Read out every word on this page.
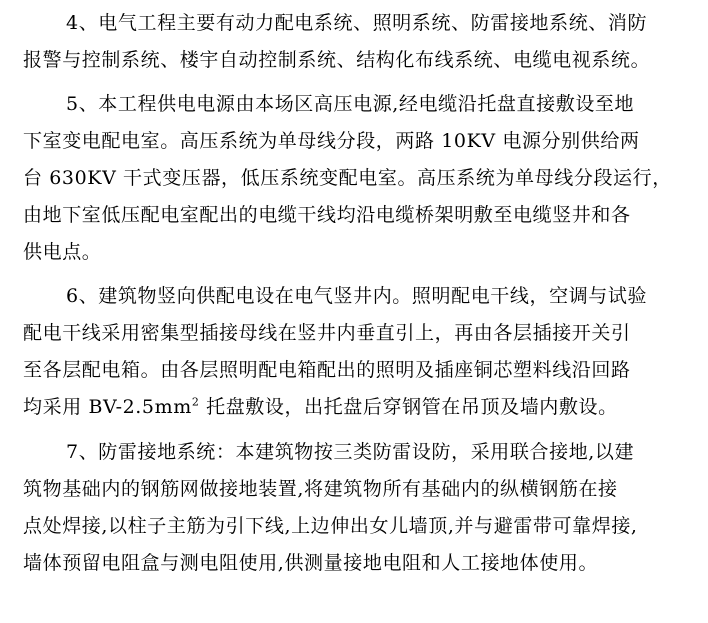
4、电气工程主要有动力配电系统、照明系统、防雷接地系统、消防
报警与控制系统、楼宇自动控制系统、结构化布线系统、电缆电视系统。
5、本工程供电电源由本场区高压电源,经电缆沿托盘直接敷设至地
下室变电配电室。高压系统为单母线分段，两路 10KV 电源分别供给两
台 630KV 干式变压器，低压系统变配电室。高压系统为单母线分段运行，
由地下室低压配电室配出的电缆干线均沿电缆桥架明敷至电缆竖井和各
供电点。
6、建筑物竖向供配电设在电气竖井内。照明配电干线，空调与试验
配电干线采用密集型插接母线在竖井内垂直引上，再由各层插接开关引
至各层配电箱。由各层照明配电箱配出的照明及插座铜芯塑料线沿回路
均采用 $BV-2.5mm^2$ 托盘敷设，出托盘后穿钢管在吊顶及墙内敷设。
7、防雷接地系统：本建筑物按三类防雷设防，采用联合接地,以建
筑物基础内的钢筋网做接地装置,将建筑物所有基础内的纵横钢筋在接
点处焊接,以柱子主筋为引下线,上边伸出女儿墙顶,并与避雷带可靠焊接,
墙体预留电阻盒与测电阻使用,供测量接地电阻和人工接地体使用。
